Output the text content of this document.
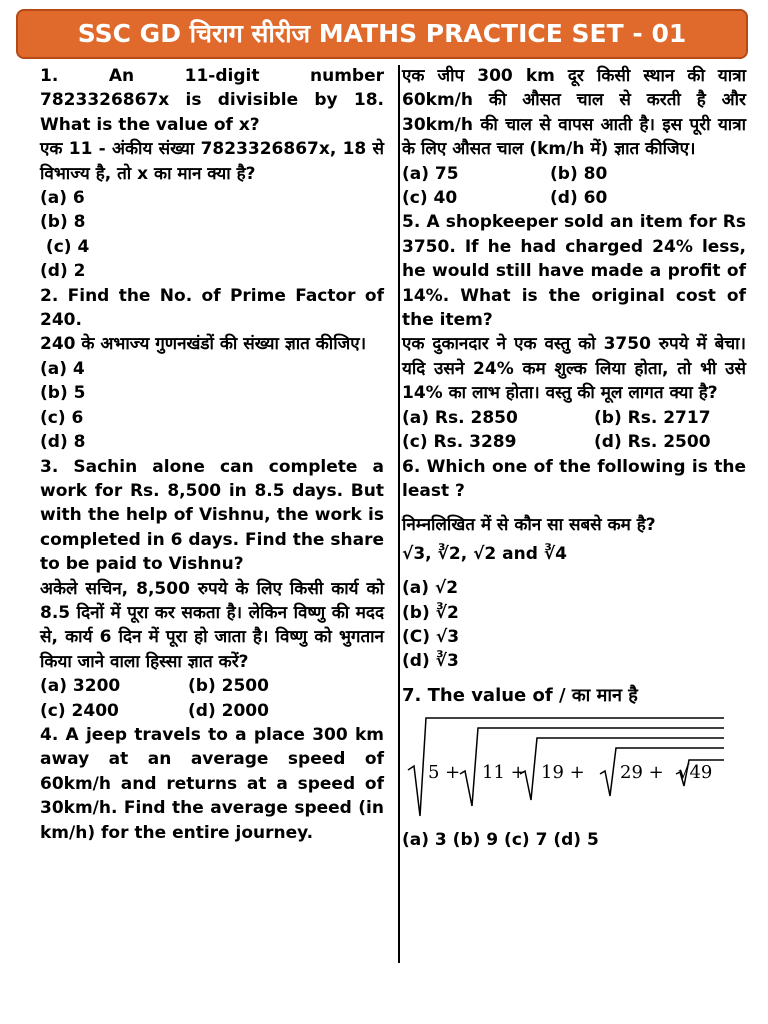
SSC GD चिराग सीरीज MATHS PRACTICE SET - 01

1. An 11-digit number 7823326867x is divisible by 18. What is the value of x?

एक 11 - अंकीय संख्या 7823326867x, 18 से विभाज्य है, तो x का मान क्या है?

(a) 6

(b) 8

(c) 4

(d) 2

2. Find the No. of Prime Factor of 240.

240 के अभाज्य गुणनखंडों की संख्या ज्ञात कीजिए।

(a) 4

(b) 5

(c) 6

(d) 8

3. Sachin alone can complete a work for Rs. 8,500 in 8.5 days. But with the help of Vishnu, the work is completed in 6 days. Find the share to be paid to Vishnu?

अकेले सचिन, 8,500 रुपये के लिए किसी कार्य को 8.5 दिनों में पूरा कर सकता है। लेकिन विष्णु की मदद से, कार्य 6 दिन में पूरा हो जाता है। विष्णु को भुगतान किया जाने वाला हिस्सा ज्ञात करें?

(a) 3200	(b) 2500
(c) 2400	(d) 2000

4. A jeep travels to a place 300 km away at an average speed of 60km/h and returns at a speed of 30km/h. Find the average speed (in km/h) for the entire journey.

एक जीप 300 km दूर किसी स्थान की यात्रा 60km/h की औसत चाल से करती है और 30km/h की चाल से वापस आती है। इस पूरी यात्रा के लिए औसत चाल (km/h में) ज्ञात कीजिए।

(a) 75	(b) 80
(c) 40	(d) 60

5. A shopkeeper sold an item for Rs 3750. If he had charged 24% less, he would still have made a profit of 14%. What is the original cost of the item?

एक दुकानदार ने एक वस्तु को 3750 रुपये में बेचा। यदि उसने 24% कम शुल्क लिया होता, तो भी उसे 14% का लाभ होता। वस्तु की मूल लागत क्या है?

(a) Rs. 2850	(b) Rs. 2717
(c) Rs. 3289	(d) Rs. 2500

6. Which one of the following is the least ?

निम्नलिखित में से कौन सा सबसे कम है?

√3, ∛2, √2 and ∛4

(a) √2

(b) ∛2

(C) √3

(d) ∛3

7. The value of / का मान है

5 + 11 + 19 + 29 + √49

(a) 3 (b) 9 (c) 7 (d) 5
